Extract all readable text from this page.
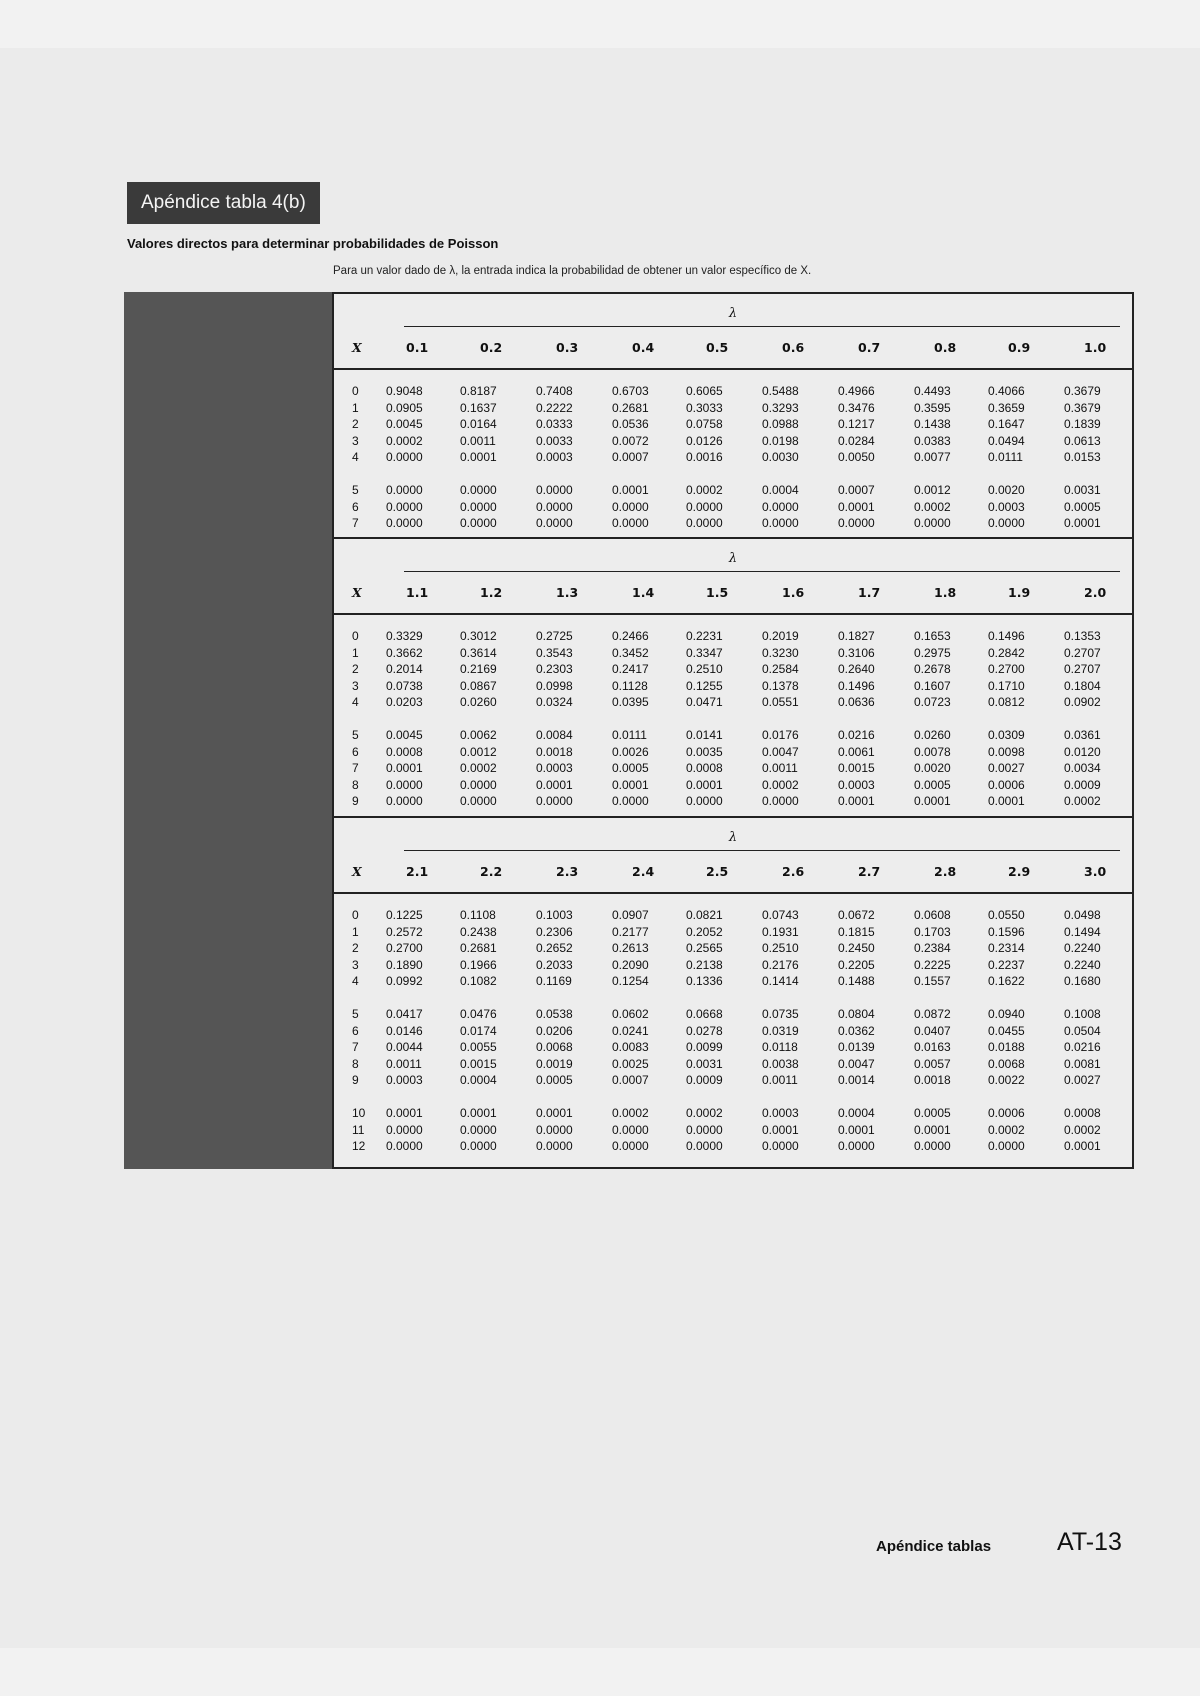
Apéndice tabla 4(b)
Valores directos para determinar probabilidades de Poisson
Para un valor dado de λ, la entrada indica la probabilidad de obtener un valor específico de X.
λ
X	0.1	0.2	0.3	0.4	0.5	0.6	0.7	0.8	0.9	1.0
0 0.9048	0.8187	0.7408	0.6703	0.6065	0.5488	0.4966	0.4493	0.4066	0.3679
1 0.0905	0.1637	0.2222	0.2681	0.3033	0.3293	0.3476	0.3595	0.3659	0.3679
2 0.0045	0.0164	0.0333	0.0536	0.0758	0.0988	0.1217	0.1438	0.1647	0.1839
3 0.0002	0.0011	0.0033	0.0072	0.0126	0.0198	0.0284	0.0383	0.0494	0.0613
4 0.0000	0.0001	0.0003	0.0007	0.0016	0.0030	0.0050	0.0077	0.0111	0.0153
5 0.0000	0.0000	0.0000	0.0001	0.0002	0.0004	0.0007	0.0012	0.0020	0.0031
6 0.0000	0.0000	0.0000	0.0000	0.0000	0.0000	0.0001	0.0002	0.0003	0.0005
7 0.0000	0.0000	0.0000	0.0000	0.0000	0.0000	0.0000	0.0000	0.0000	0.0001
λ
X	1.1	1.2	1.3	1.4	1.5	1.6	1.7	1.8	1.9	2.0
0 0.3329	0.3012	0.2725	0.2466	0.2231	0.2019	0.1827	0.1653	0.1496	0.1353
1 0.3662	0.3614	0.3543	0.3452	0.3347	0.3230	0.3106	0.2975	0.2842	0.2707
2 0.2014	0.2169	0.2303	0.2417	0.2510	0.2584	0.2640	0.2678	0.2700	0.2707
3 0.0738	0.0867	0.0998	0.1128	0.1255	0.1378	0.1496	0.1607	0.1710	0.1804
4 0.0203	0.0260	0.0324	0.0395	0.0471	0.0551	0.0636	0.0723	0.0812	0.0902
5 0.0045	0.0062	0.0084	0.0111	0.0141	0.0176	0.0216	0.0260	0.0309	0.0361
6 0.0008	0.0012	0.0018	0.0026	0.0035	0.0047	0.0061	0.0078	0.0098	0.0120
7 0.0001	0.0002	0.0003	0.0005	0.0008	0.0011	0.0015	0.0020	0.0027	0.0034
8 0.0000	0.0000	0.0001	0.0001	0.0001	0.0002	0.0003	0.0005	0.0006	0.0009
9 0.0000	0.0000	0.0000	0.0000	0.0000	0.0000	0.0001	0.0001	0.0001	0.0002
λ
X	2.1	2.2	2.3	2.4	2.5	2.6	2.7	2.8	2.9	3.0
0 0.1225	0.1108	0.1003	0.0907	0.0821	0.0743	0.0672	0.0608	0.0550	0.0498
1 0.2572	0.2438	0.2306	0.2177	0.2052	0.1931	0.1815	0.1703	0.1596	0.1494
2 0.2700	0.2681	0.2652	0.2613	0.2565	0.2510	0.2450	0.2384	0.2314	0.2240
3 0.1890	0.1966	0.2033	0.2090	0.2138	0.2176	0.2205	0.2225	0.2237	0.2240
4 0.0992	0.1082	0.1169	0.1254	0.1336	0.1414	0.1488	0.1557	0.1622	0.1680
5 0.0417	0.0476	0.0538	0.0602	0.0668	0.0735	0.0804	0.0872	0.0940	0.1008
6 0.0146	0.0174	0.0206	0.0241	0.0278	0.0319	0.0362	0.0407	0.0455	0.0504
7 0.0044	0.0055	0.0068	0.0083	0.0099	0.0118	0.0139	0.0163	0.0188	0.0216
8 0.0011	0.0015	0.0019	0.0025	0.0031	0.0038	0.0047	0.0057	0.0068	0.0081
9 0.0003	0.0004	0.0005	0.0007	0.0009	0.0011	0.0014	0.0018	0.0022	0.0027
10 0.0001	0.0001	0.0001	0.0002	0.0002	0.0003	0.0004	0.0005	0.0006	0.0008
11 0.0000	0.0000	0.0000	0.0000	0.0000	0.0001	0.0001	0.0001	0.0002	0.0002
12 0.0000	0.0000	0.0000	0.0000	0.0000	0.0000	0.0000	0.0000	0.0000	0.0001
Apéndice tablas	AT-13
